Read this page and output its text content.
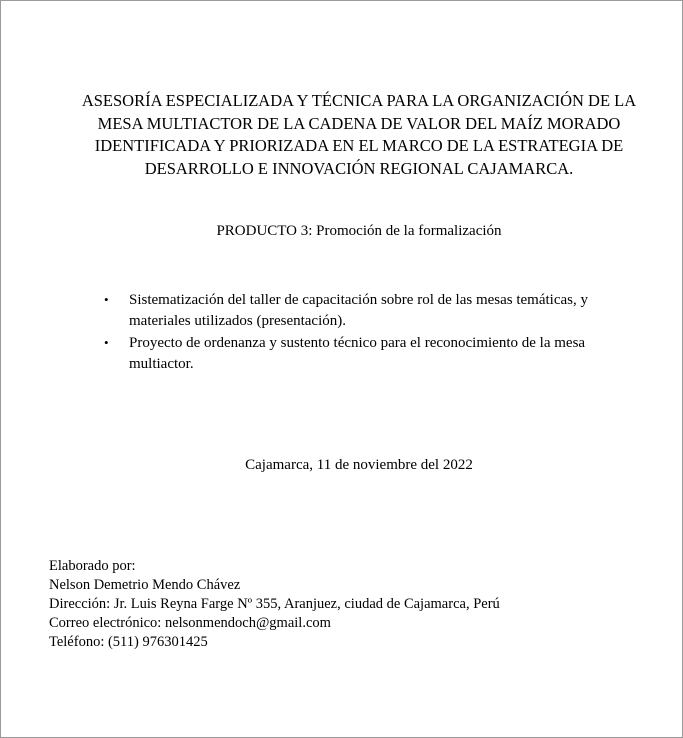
ASESORÍA ESPECIALIZADA Y TÉCNICA PARA LA ORGANIZACIÓN DE LA
MESA MULTIACTOR DE LA CADENA DE VALOR DEL MAÍZ MORADO
IDENTIFICADA Y PRIORIZADA EN EL MARCO DE LA ESTRATEGIA DE
DESARROLLO E INNOVACIÓN REGIONAL CAJAMARCA.

PRODUCTO 3: Promoción de la formalización

• Sistematización del taller de capacitación sobre rol de las mesas temáticas, y
materiales utilizados (presentación).
• Proyecto de ordenanza y sustento técnico para el reconocimiento de la mesa
multiactor.

Cajamarca, 11 de noviembre del 2022

Elaborado por:
Nelson Demetrio Mendo Chávez
Dirección: Jr. Luis Reyna Farge Nº 355, Aranjuez, ciudad de Cajamarca, Perú
Correo electrónico: nelsonmendoch@gmail.com
Teléfono: (511) 976301425
